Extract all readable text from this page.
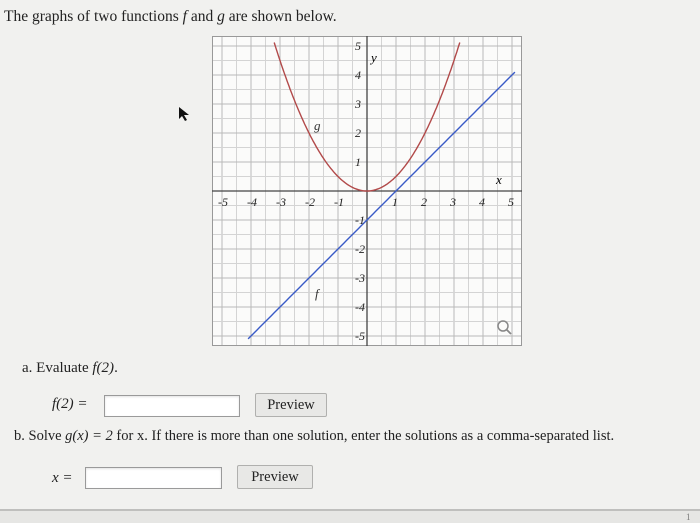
The graphs of two functions f and g are shown below.
-5 -4 -3 -2 -1	1 2 3 4 5
5
4
3
2
1
-1
-2
-3
-4
-5
x
y
g
f
a. Evaluate f(2).
f(2) =	Preview
b. Solve g(x) = 2 for x. If there is more than one solution, enter the solutions as a comma-separated list.
x =	Preview
1
